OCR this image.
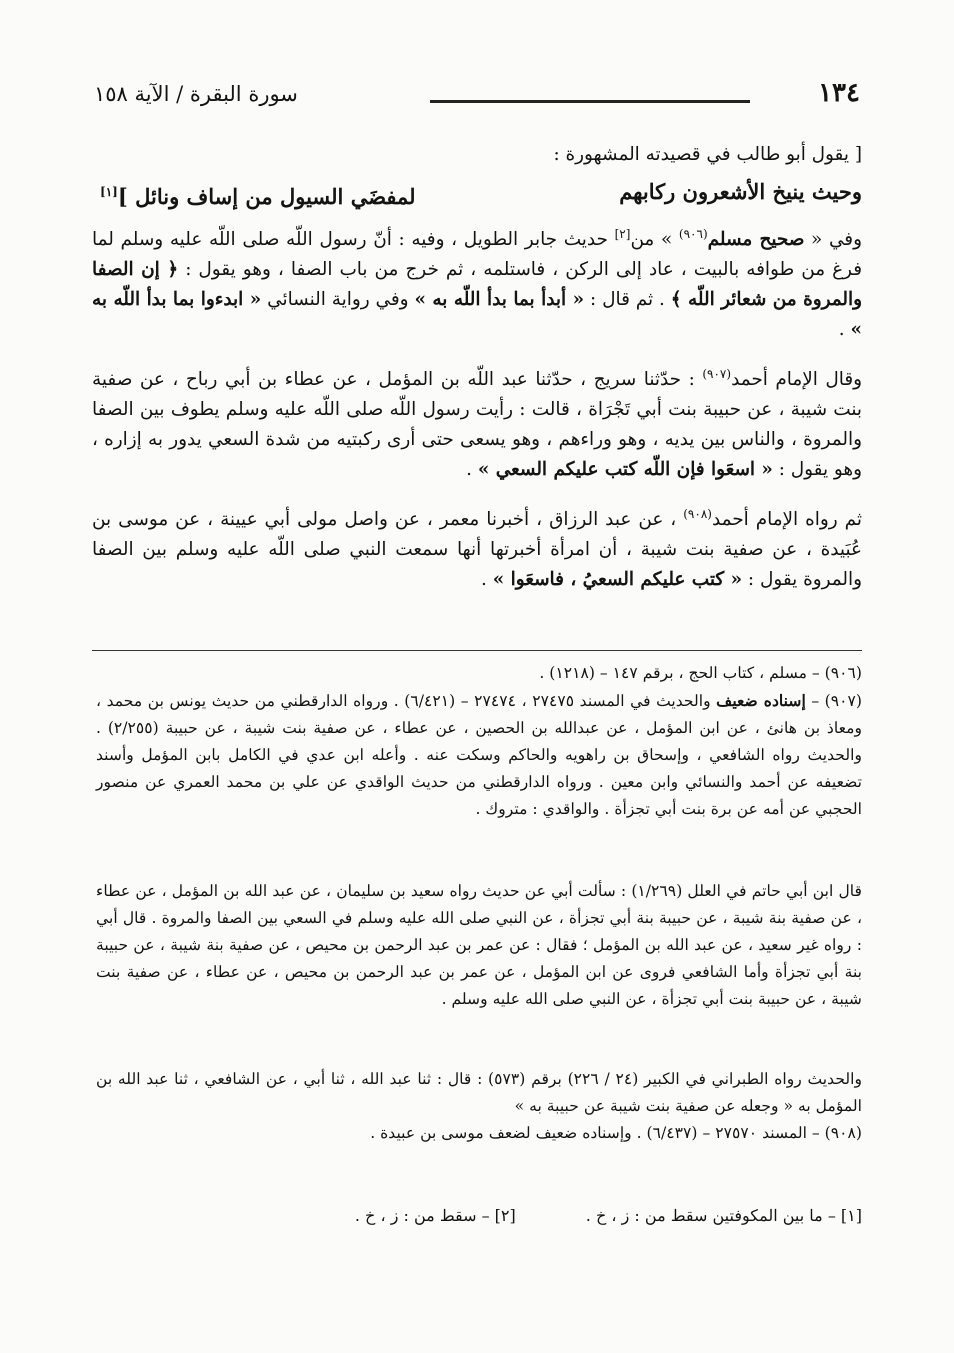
١٣٤
سورة البقرة / الآية ١٥٨

[ يقول أبو طالب في قصيدته المشهورة :

وحيث ينيخ الأشعرون ركابهم
لمفضَي السيول من إساف ونائل ][١]

وفي « صحيح مسلم$^{(٩٠٦)}$ » من[٢] حديث جابر الطويل ، وفيه : أنّ رسول اللّه صلى اللّه عليه وسلم لما فرغ من طوافه بالبيت ، عاد إلى الركن ، فاستلمه ، ثم خرج من باب الصفا ، وهو يقول : ﴿ إن الصفا والمروة من شعائر اللّه ﴾ . ثم قال : « أبدأ بما بدأ اللّه به » وفي رواية النسائي « ابدءوا بما بدأ اللّه به » .

وقال الإمام أحمد$^{(٩٠٧)}$ : حدّثنا سريج ، حدّثنا عبد اللّه بن المؤمل ، عن عطاء بن أبي رباح ، عن صفية بنت شيبة ، عن حبيبة بنت أبي تَجْرَاة ، قالت : رأيت رسول اللّه صلى اللّه عليه وسلم يطوف بين الصفا والمروة ، والناس بين يديه ، وهو وراءهم ، وهو يسعى حتى أرى ركبتيه من شدة السعي يدور به إزاره ، وهو يقول : « اسعَوا فإن اللّه كتب عليكم السعي » .

ثم رواه الإمام أحمد$^{(٩٠٨)}$ ، عن عبد الرزاق ، أخبرنا معمر ، عن واصل مولى أبي عيينة ، عن موسى بن عُبَيدة ، عن صفية بنت شيبة ، أن امرأة أخبرتها أنها سمعت النبي صلى اللّه عليه وسلم بين الصفا والمروة يقول : « كتب عليكم السعيُ ، فاسعَوا » .

(٩٠٦) – مسلم ، كتاب الحج ، برقم ١٤٧ – (١٢١٨) .

(٩٠٧) – إسناده ضعيف والحديث في المسند ٢٧٤٧٥ ، ٢٧٤٧٤ – (٦/٤٢١) . ورواه الدارقطني من حديث يونس بن محمد ، ومعاذ بن هانئ ، عن ابن المؤمل ، عن عبدالله بن الحصين ، عن عطاء ، عن صفية بنت شيبة ، عن حبيبة (٢/٢٥٥) . والحديث رواه الشافعي ، وإسحاق بن راهويه والحاكم وسكت عنه . وأعله ابن عدي في الكامل بابن المؤمل وأسند تضعيفه عن أحمد والنسائي وابن معين . ورواه الدارقطني من حديث الواقدي عن علي بن محمد العمري عن منصور الحجبي عن أمه عن برة بنت أبي تجزأة . والواقدي : متروك .

قال ابن أبي حاتم في العلل (١/٢٦٩) : سألت أبي عن حديث رواه سعيد بن سليمان ، عن عبد الله بن المؤمل ، عن عطاء ، عن صفية بنة شيبة ، عن حبيبة بنة أبي تجزأة ، عن النبي صلى الله عليه وسلم في السعي بين الصفا والمروة . قال أبي : رواه غير سعيد ، عن عبد الله بن المؤمل ؛ فقال : عن عمر بن عبد الرحمن بن محيص ، عن صفية بنة شيبة ، عن حبيبة بنة أبي تجزأة وأما الشافعي فروى عن ابن المؤمل ، عن عمر بن عبد الرحمن بن محيص ، عن عطاء ، عن صفية بنت شيبة ، عن حبيبة بنت أبي تجزأة ، عن النبي صلى الله عليه وسلم .

والحديث رواه الطبراني في الكبير (٢٤ / ٢٢٦) برقم (٥٧٣) : قال : ثنا عبد الله ، ثنا أبي ، عن الشافعي ، ثنا عبد الله بن المؤمل به « وجعله عن صفية بنت شيبة عن حبيبة به »

(٩٠٨) – المسند ٢٧٥٧٠ – (٦/٤٣٧) . وإسناده ضعيف لضعف موسى بن عبيدة .

[١] – ما بين المكوفتين سقط من : ز ، خ .
[٢] – سقط من : ز ، خ .
